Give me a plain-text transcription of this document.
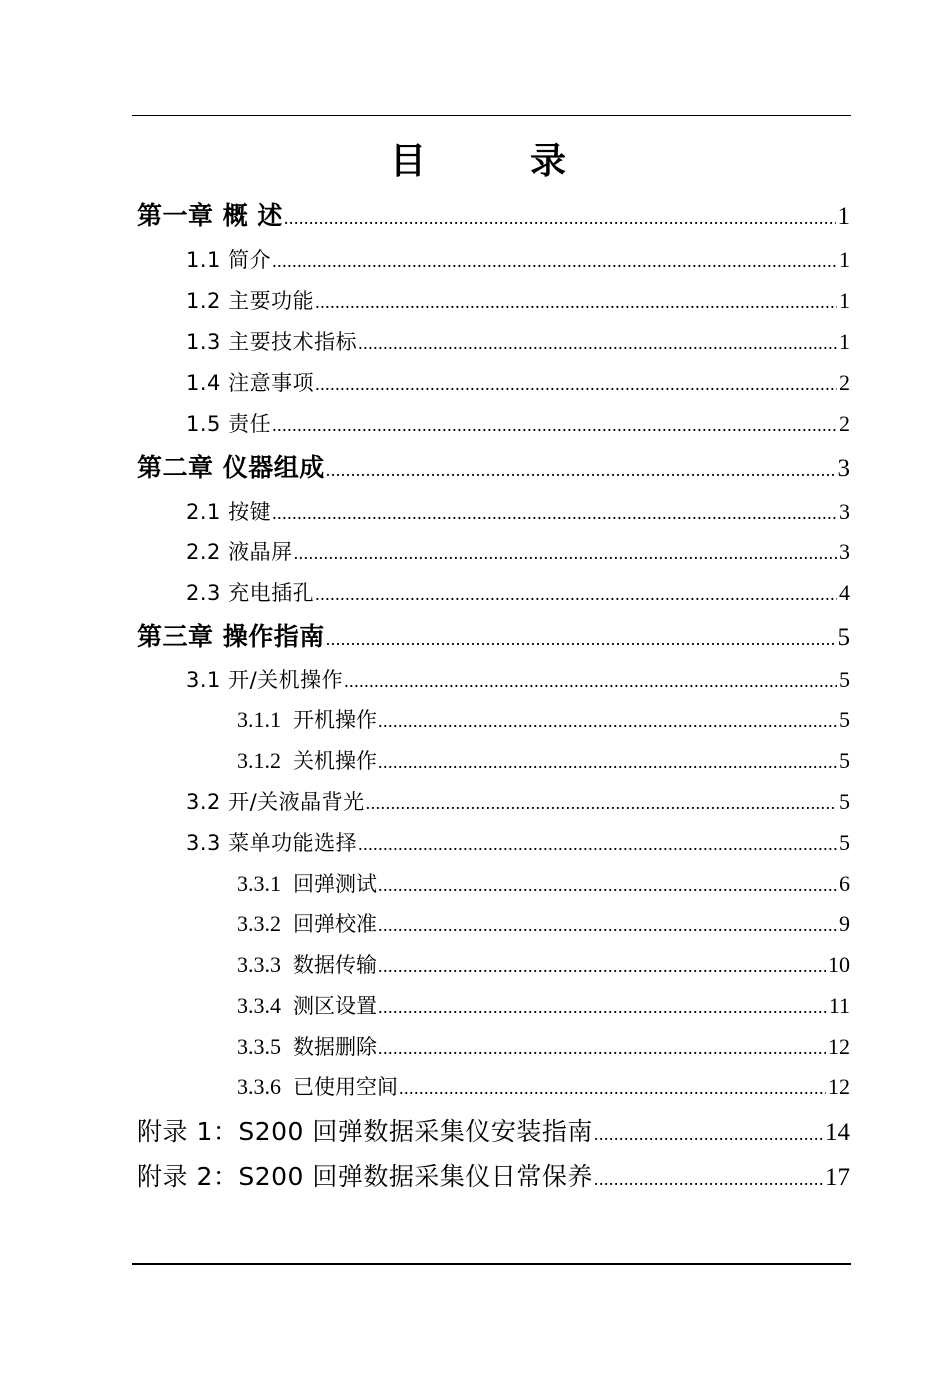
目　录
第一章 概 述 .....	1
1.1 简介 .....	1
1.2 主要功能 .....	1
1.3 主要技术指标 .....	1
1.4 注意事项 .....	2
1.5 责任 .....	2
第二章 仪器组成 .....	3
2.1 按键 .....	3
2.2 液晶屏 .....	3
2.3 充电插孔 .....	4
第三章 操作指南 .....	5
3.1 开/关机操作 .....	5
3.1.1 开机操作 .....	5
3.1.2 关机操作 .....	5
3.2 开/关液晶背光 .....	5
3.3 菜单功能选择 .....	5
3.3.1 回弹测试 .....	6
3.3.2 回弹校准 .....	9
3.3.3 数据传输 .....	10
3.3.4 测区设置 .....	11
3.3.5 数据删除 .....	12
3.3.6 已使用空间 .....	12
附录 1：S200 回弹数据采集仪安装指南 .....	14
附录 2：S200 回弹数据采集仪日常保养 .....	17
